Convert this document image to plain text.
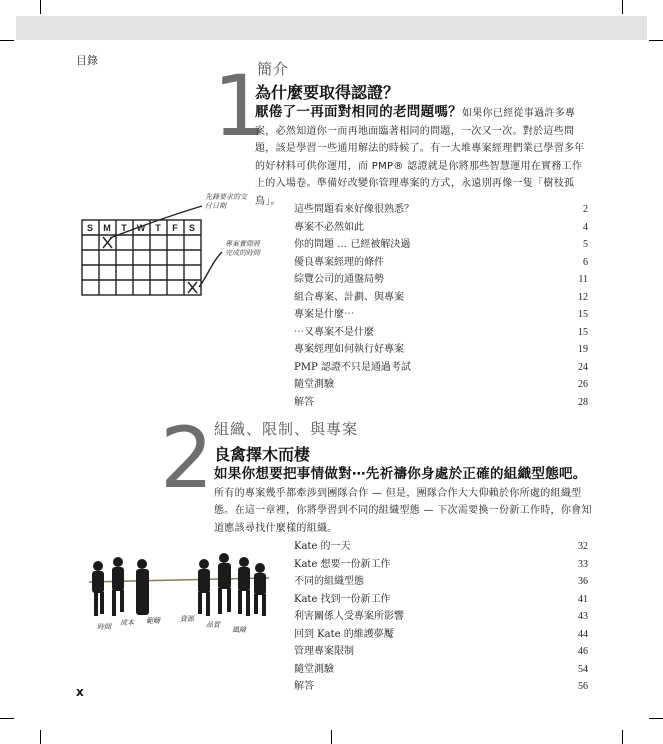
目錄 1
簡介
為什麼要取得認證？
厭倦了一再面對相同的老問題嗎？如果你已經從事過許多專案，必然知道你一而再地面臨著相同的問題，一次又一次。對於這些問題，該是學習一些通用解法的時候了。有一大堆專案經理們業已學習多年的好材料可供你運用，而 PMP® 認證就是你將那些智慧運用在實務工作上的入場卷。準備好改變你管理專案的方式，永遠別再像一隻「樹枝孤鳥」。
S M T W T F S
先鋒要求的交付日期
專案實際將完成的時間
這些問題看來好像很熟悉？	2
專案不必然如此	4
你的問題 … 已經被解決過	5
優良專案經理的條件	6
綜覽公司的通盤局勢	11
組合專案、計劃、與專案	12
專案是什麼⋯	15
⋯又專案不是什麼	15
專案經理如何執行好專案	19
PMP 認證不只是通過考試	24
隨堂測驗	26
解答	28
2 組織、限制、與專案
良禽擇木而棲
如果你想要把事情做對⋯先祈禱你身處於正確的組織型態吧。所有的專案幾乎都牽涉到團隊合作 — 但是，團隊合作大大仰賴於你所處的組織型態。在這一章裡，你將學習到不同的組織型態 — 下次需要換一份新工作時，你會知道應該尋找什麼樣的組織。
時間 成本 範疇	資源
品質
風險
Kate 的一天	32
Kate 想要一份新工作	33
不同的組織型態	36
Kate 找到一份新工作	41
利害關係人受專案所影響	43
回到 Kate 的維護夢魘	44
管理專案限制	46
隨堂測驗	54
解答	56
x
